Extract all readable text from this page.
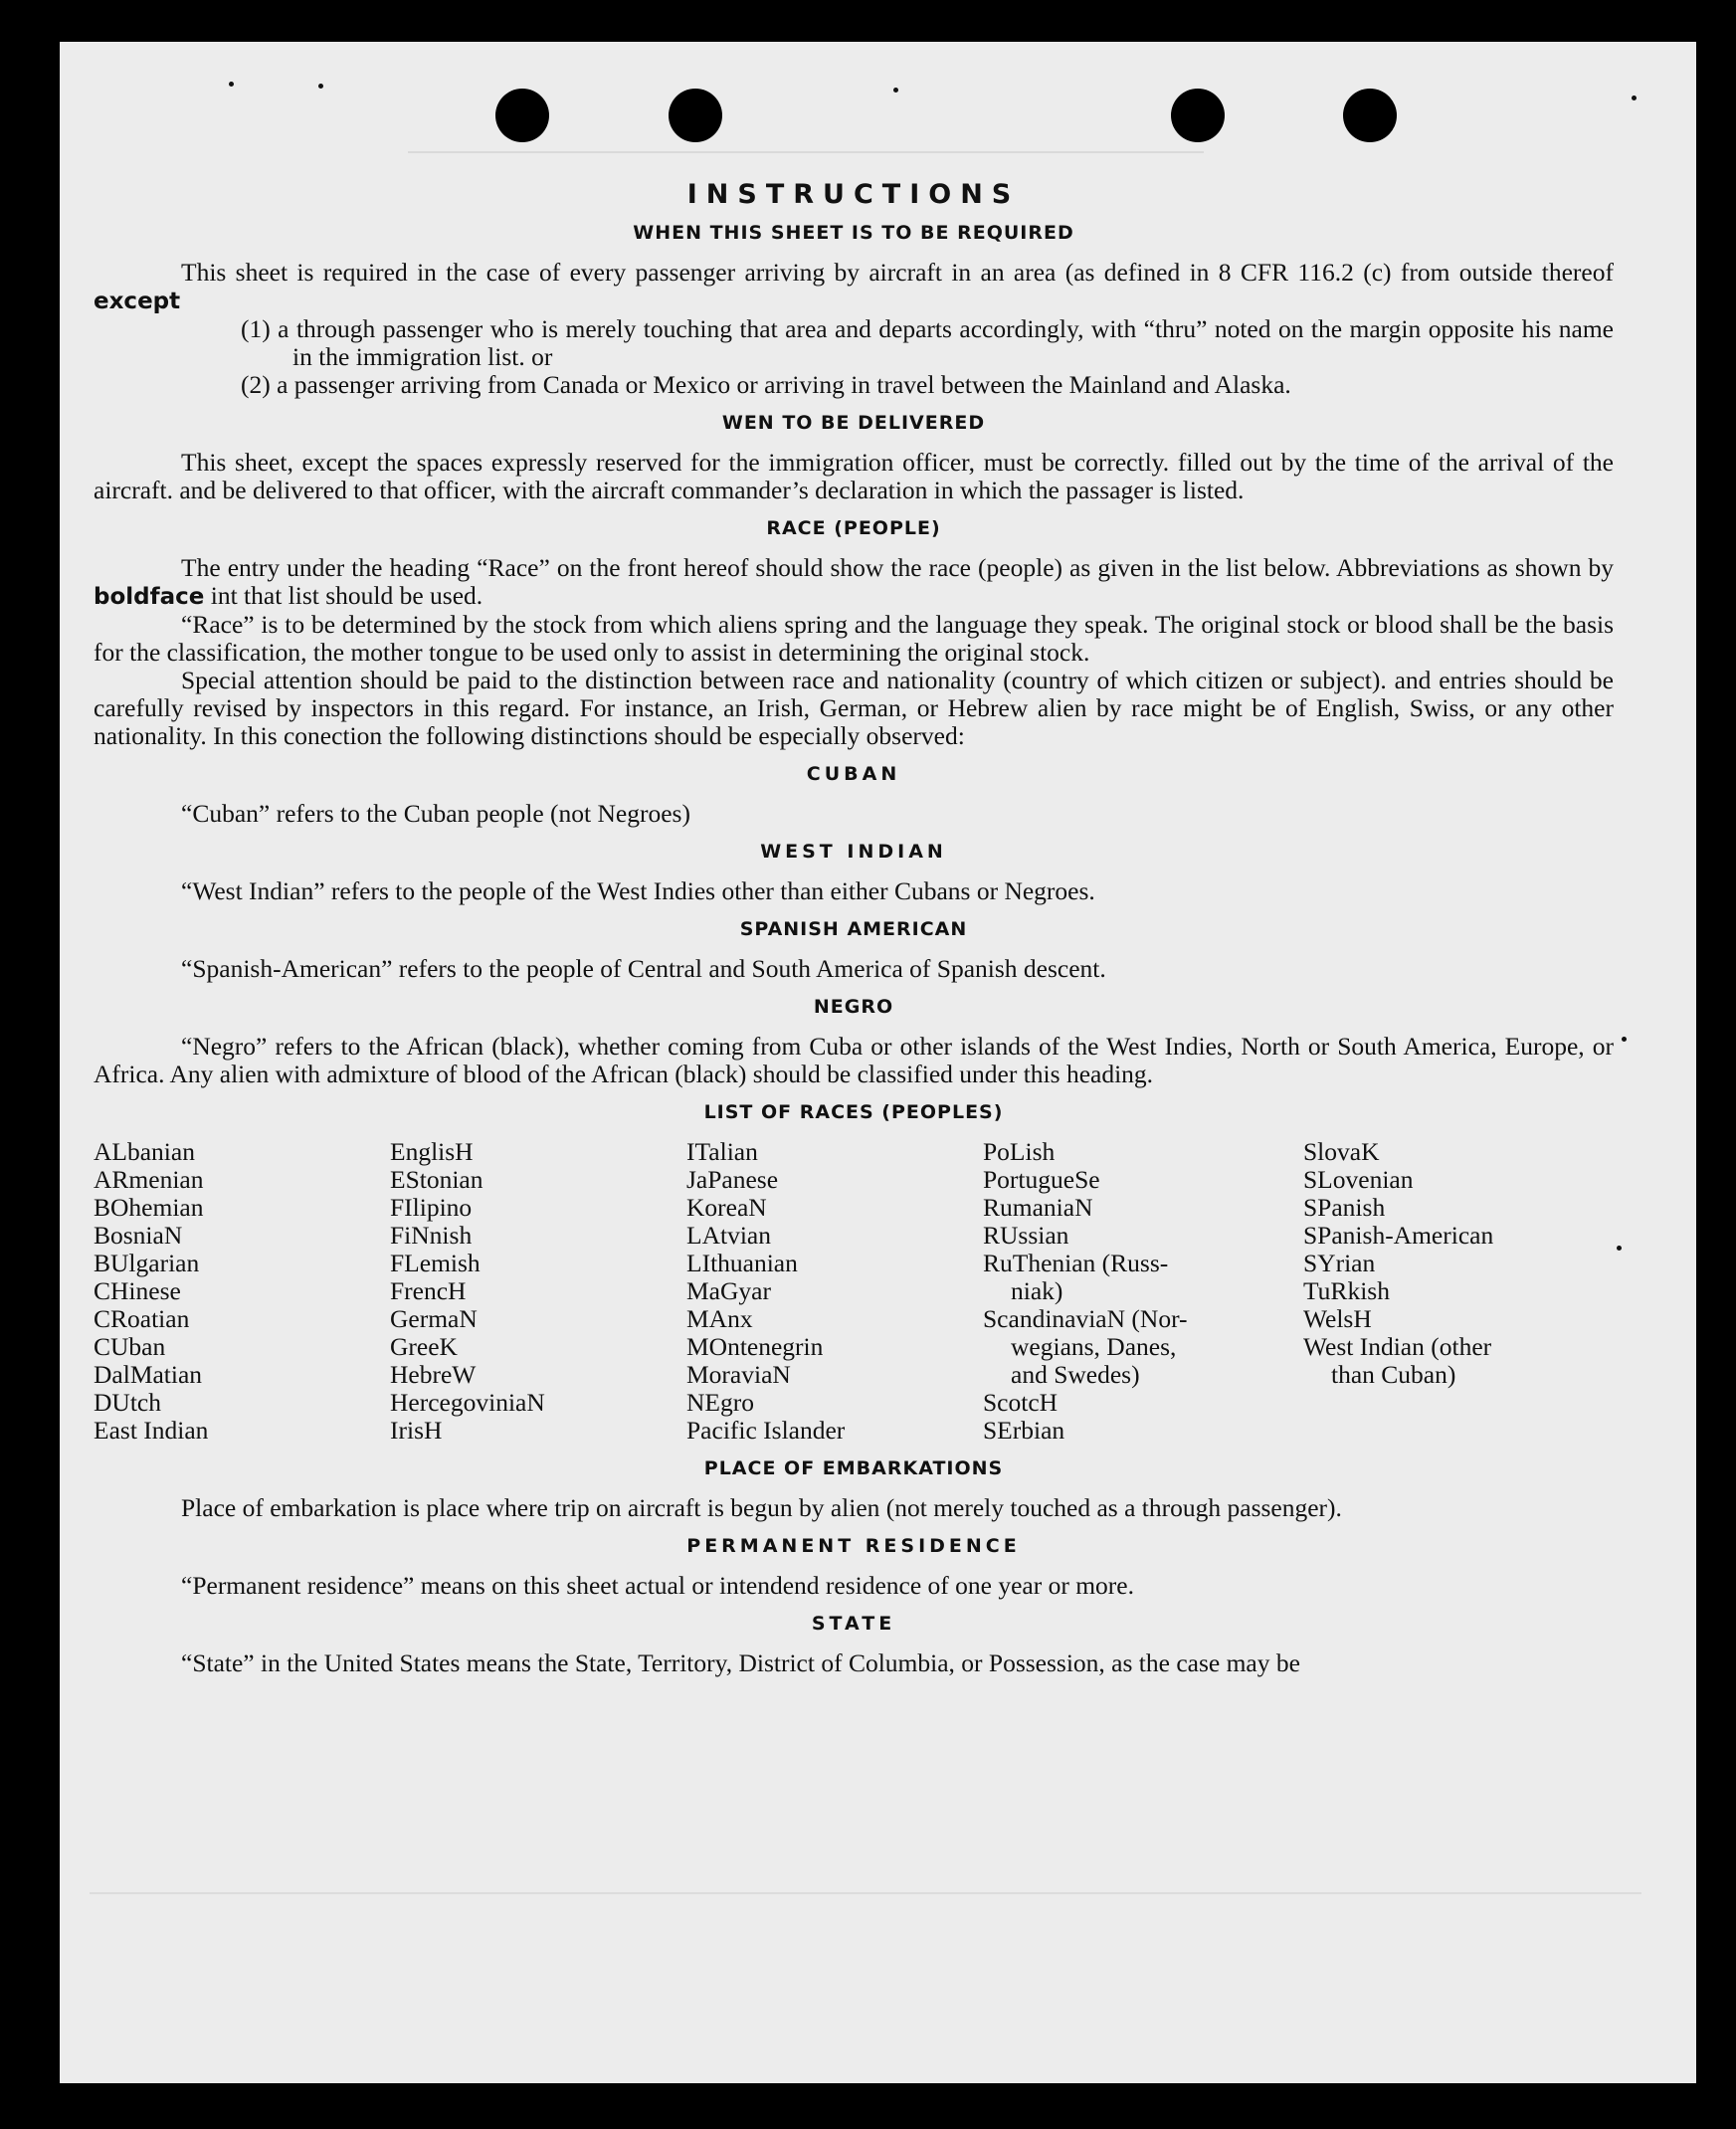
INSTRUCTIONS
WHEN THIS SHEET IS TO BE REQUIRED

This sheet is required in the case of every passenger arriving by aircraft in an area (as defined in 8 CFR 116.2 (c) from outside thereof except

(1) a through passenger who is merely touching that area and departs accordingly, with “thru” noted on the margin opposite his name in the immigration list. or

(2) a passenger arriving from Canada or Mexico or arriving in travel between the Mainland and Alaska.

WEN TO BE DELIVERED

This sheet, except the spaces expressly reserved for the immigration officer, must be correctly. filled out by the time of the arrival of the aircraft. and be delivered to that officer, with the aircraft commander’s declaration in which the passager is listed.

RACE (PEOPLE)

The entry under the heading “Race” on the front hereof should show the race (people) as given in the list below. Abbreviations as shown by boldface int that list should be used.

“Race” is to be determined by the stock from which aliens spring and the language they speak. The original stock or blood shall be the basis for the classification, the mother tongue to be used only to assist in determining the original stock.

Special attention should be paid to the distinction between race and nationality (country of which citizen or subject). and entries should be carefully revised by inspectors in this regard. For instance, an Irish, German, or Hebrew alien by race might be of English, Swiss, or any other nationality. In this conection the following distinctions should be especially observed:

CUBAN

“Cuban” refers to the Cuban people (not Negroes)

WEST INDIAN

“West Indian” refers to the people of the West Indies other than either Cubans or Negroes.

SPANISH AMERICAN

“Spanish-American” refers to the people of Central and South America of Spanish descent.

NEGRO

“Negro” refers to the African (black), whether coming from Cuba or other islands of the West Indies, North or South America, Europe, or Africa. Any alien with admixture of blood of the African (black) should be classified under this heading.

LIST OF RACES (PEOPLES)
ALbanian
ARmenian
BOhemian
BosniaN
BUlgarian
CHinese
CRoatian
CUban
DalMatian
DUtch
East Indian
EnglisH
EStonian
FIlipino
FiNnish
FLemish
FrencH
GermaN
GreeK
HebreW
HercegoviniaN
IrisH
ITalian
JaPanese
KoreaN
LAtvian
LIthuanian
MaGyar
MAnx
MOntenegrin
MoraviaN
NEgro
Pacific Islander
PoLish
PortugueSe
RumaniaN
RUssian
RuThenian (Russ-
niak)
ScandinaviaN (Nor-
wegians, Danes,
and Swedes)
ScotcH
SErbian
SlovaK
SLovenian
SPanish
SPanish-American
SYrian
TuRkish
WelsH
West Indian (other
than Cuban)
PLACE OF EMBARKATIONS

Place of embarkation is place where trip on aircraft is begun by alien (not merely touched as a through passenger).

PERMANENT RESIDENCE

“Permanent residence” means on this sheet actual or intendend residence of one year or more.

STATE

“State” in the United States means the State, Territory, District of Columbia, or Possession, as the case may be
